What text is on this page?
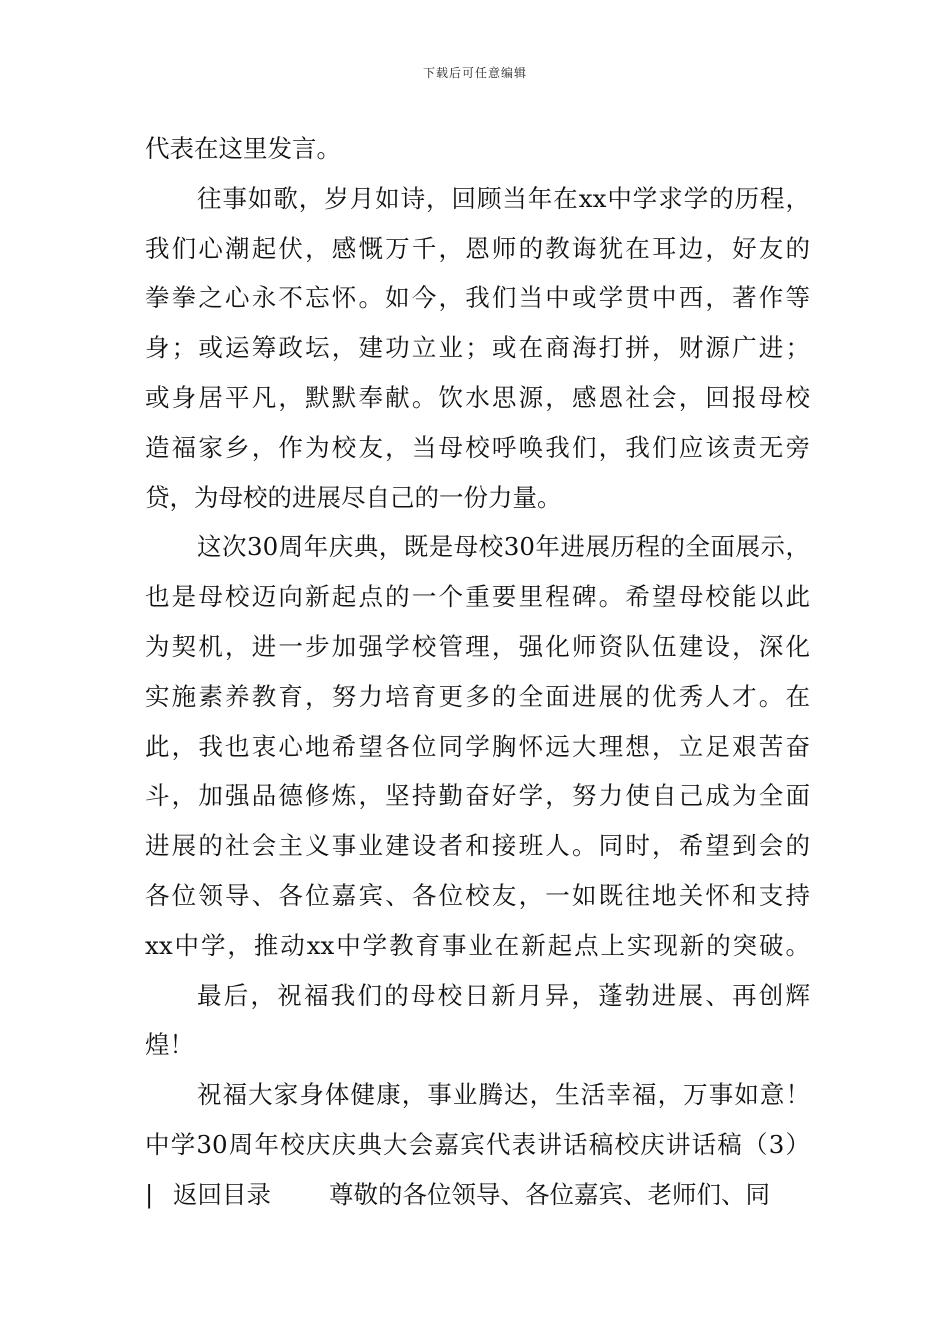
下载后可任意编辑
代表在这里发言。
往事如歌，岁月如诗，回顾当年在xx中学求学的历程，
我们心潮起伏，感慨万千，恩师的教诲犹在耳边，好友的
拳拳之心永不忘怀。如今，我们当中或学贯中西，著作等
身；或运筹政坛，建功立业；或在商海打拼，财源广进；
或身居平凡，默默奉献。饮水思源，感恩社会，回报母校
造福家乡，作为校友，当母校呼唤我们，我们应该责无旁
贷，为母校的进展尽自己的一份力量。
这次30周年庆典，既是母校30年进展历程的全面展示，
也是母校迈向新起点的一个重要里程碑。希望母校能以此
为契机，进一步加强学校管理，强化师资队伍建设，深化
实施素养教育，努力培育更多的全面进展的优秀人才。在
此，我也衷心地希望各位同学胸怀远大理想，立足艰苦奋
斗，加强品德修炼，坚持勤奋好学，努力使自己成为全面
进展的社会主义事业建设者和接班人。同时，希望到会的
各位领导、各位嘉宾、各位校友，一如既往地关怀和支持
xx中学，推动xx中学教育事业在新起点上实现新的突破。
最后，祝福我们的母校日新月异，蓬勃进展、再创辉
煌！
祝福大家身体健康，事业腾达，生活幸福，万事如意！
中学30周年校庆庆典大会嘉宾代表讲话稿校庆讲话稿（3）
| 返回目录 尊敬的各位领导、各位嘉宾、老师们、同
